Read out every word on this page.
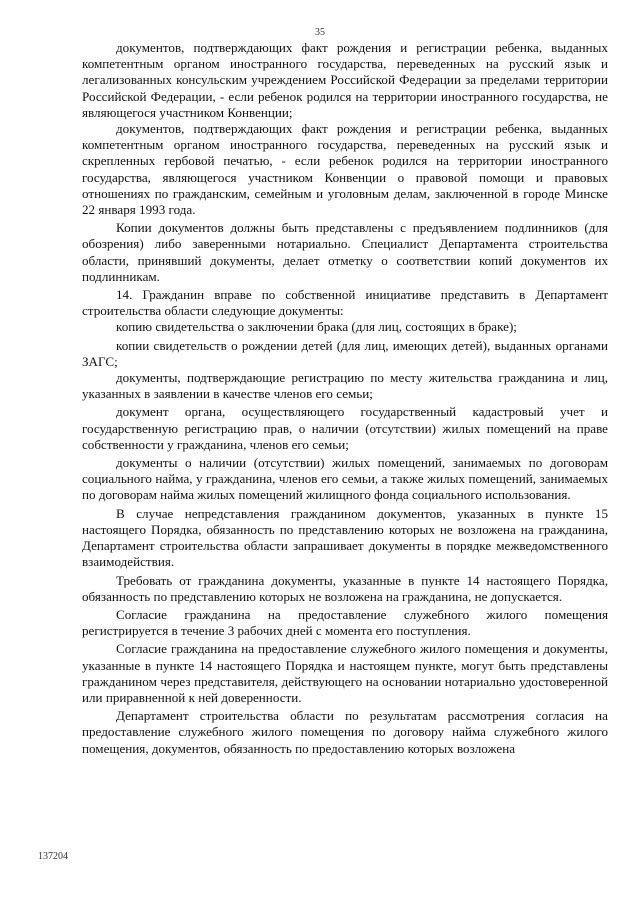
35

документов, подтверждающих факт рождения и регистрации ребенка, выданных компетентным органом иностранного государства, переведенных на русский язык и легализованных консульским учреждением Российской Федерации за пределами территории Российской Федерации, - если ребенок родился на территории иностранного государства, не являющегося участником Конвенции;

документов, подтверждающих факт рождения и регистрации ребенка, выданных компетентным органом иностранного государства, переведенных на русский язык и скрепленных гербовой печатью, - если ребенок родился на территории иностранного государства, являющегося участником Конвенции о правовой помощи и правовых отношениях по гражданским, семейным и уголовным делам, заключенной в городе Минске 22 января 1993 года.

Копии документов должны быть представлены с предъявлением подлинников (для обозрения) либо заверенными нотариально. Специалист Департамента строительства области, принявший документы, делает отметку о соответствии копий документов их подлинникам.

14. Гражданин вправе по собственной инициативе представить в Департамент строительства области следующие документы:

копию свидетельства о заключении брака (для лиц, состоящих в браке);

копии свидетельств о рождении детей (для лиц, имеющих детей), выданных органами ЗАГС;

документы, подтверждающие регистрацию по месту жительства гражданина и лиц, указанных в заявлении в качестве членов его семьи;

документ органа, осуществляющего государственный кадастровый учет и государственную регистрацию прав, о наличии (отсутствии) жилых помещений на праве собственности у гражданина, членов его семьи;

документы о наличии (отсутствии) жилых помещений, занимаемых по договорам социального найма, у гражданина, членов его семьи, а также жилых помещений, занимаемых по договорам найма жилых помещений жилищного фонда социального использования.

В случае непредставления гражданином документов, указанных в пункте 15 настоящего Порядка, обязанность по представлению которых не возложена на гражданина, Департамент строительства области запрашивает документы в порядке межведомственного взаимодействия.

Требовать от гражданина документы, указанные в пункте 14 настоящего Порядка, обязанность по представлению которых не возложена на гражданина, не допускается.

Согласие гражданина на предоставление служебного жилого помещения регистрируется в течение 3 рабочих дней с момента его поступления.

Согласие гражданина на предоставление служебного жилого помещения и документы, указанные в пункте 14 настоящего Порядка и настоящем пункте, могут быть представлены гражданином через представителя, действующего на основании нотариально удостоверенной или приравненной к ней доверенности.

Департамент строительства области по результатам рассмотрения согласия на предоставление служебного жилого помещения по договору найма служебного жилого помещения, документов, обязанность по предоставлению которых возложена

137204
